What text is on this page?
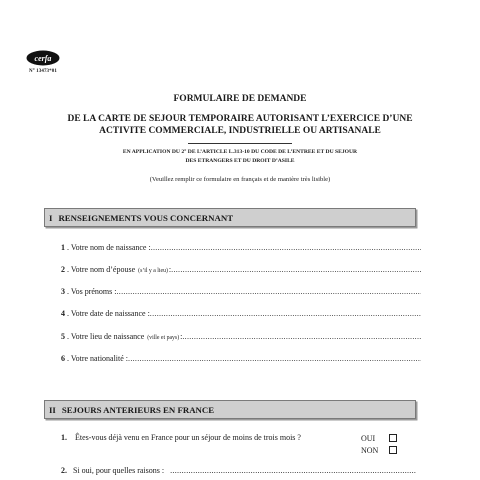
cerfa
N° 13473*01
FORMULAIRE DE DEMANDE
DE LA CARTE DE SEJOUR TEMPORAIRE AUTORISANT L’EXERCICE D’UNE
ACTIVITE COMMERCIALE, INDUSTRIELLE OU ARTISANALE
EN APPLICATION DU 2° DE L’ARTICLE L.313-10 DU CODE DE L’ENTREE ET DU SEJOUR
DES ETRANGERS ET DU DROIT D’ASILE
(Veuillez remplir ce formulaire en français et de manière très lisible)
I RENSEIGNEMENTS VOUS CONCERNANT
1 . Votre nom de naissance :
.....
2 . Votre nom d’épouse (s’il y a lieu) :
.....
3 . Vos prénoms :
.....
4 . Votre date de naissance :
.....
5 . Votre lieu de naissance (ville et pays) :
.....
6 . Votre nationalité :
.....
II SEJOURS ANTERIEURS EN FRANCE
1. Êtes-vous déjà venu en France pour un séjour de moins de trois mois ?	OUI
NON
2. Si oui, pour quelles raisons :
.....
